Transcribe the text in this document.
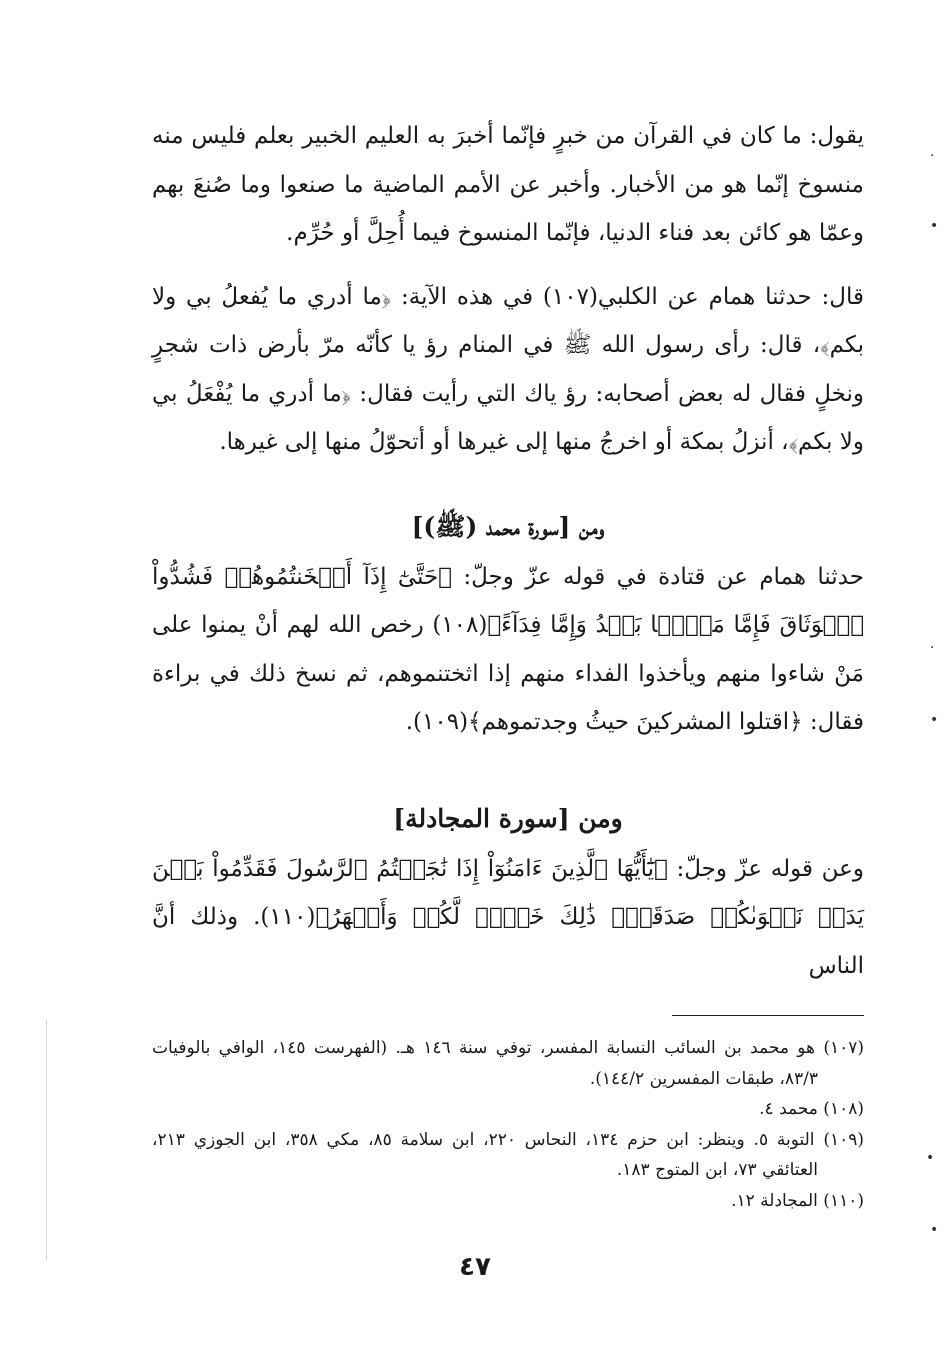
يقول: ما كان في القرآن من خبرٍ فإنّما أخبرَ به العليم الخبير بعلم فليس منه منسوخ إنّما هو من الأخبار. وأخبر عن الأمم الماضية ما صنعوا وما صُنعَ بهم وعمّا هو كائن بعد فناء الدنيا، فإنّما المنسوخ فيما أُحِلَّ أو حُرِّم.

قال: حدثنا همام عن الكلبي(١٠٧) في هذه الآية: ﴿ما أدري ما يُفعلُ بي ولا بكم﴾، قال: رأى رسول الله ﷺ في المنام رؤ يا كأنّه مرّ بأرض ذات شجرٍ ونخلٍ فقال له بعض أصحابه: رؤ ياك التي رأيت فقال: ﴿ما أدري ما يُفْعَلُ بي ولا بكم﴾، أنزلُ بمكة أو اخرجُ منها إلى غيرها أو أتحوّلُ منها إلى غيرها.

ومن [سورة محمد (ﷺ)]

حدثنا همام عن قتادة في قوله عزّ وجلّ: ﴿حَتَّىٰٓ إِذَآ أَثۡخَنتُمُوهُمۡ فَشُدُّواْ ٱلۡوَثَاقَ فَإِمَّا مَنَّۢا بَعۡدُ وَإِمَّا فِدَآءً﴾(١٠٨) رخص الله لهم أنْ يمنوا على مَنْ شاءوا منهم ويأخذوا الفداء منهم إذا اثختنموهم، ثم نسخ ذلك في براءة فقال: ﴿اقتلوا المشركينَ حيثُ وجدتموهم﴾(١٠٩).

ومن [سورة المجادلة]

وعن قوله عزّ وجلّ: ﴿يَٰٓأَيُّهَا ٱلَّذِينَ ءَامَنُوٓاْ إِذَا نَٰجَيۡتُمُ ٱلرَّسُولَ فَقَدِّمُواْ بَيۡنَ يَدَيۡ نَجۡوَىٰكُمۡ صَدَقَةٗۚ ذَٰلِكَ خَيۡرٞ لَّكُمۡ وَأَطۡهَرُ﴾(١١٠). وذلك أنَّ الناس

(١٠٧) هو محمد بن السائب النسابة المفسر، توفي سنة ١٤٦ هـ. (الفهرست ١٤٥، الوافي بالوفيات ٨٣/٣، طبقات المفسرين ١٤٤/٢).

(١٠٨) محمد ٤.

(١٠٩) التوبة ٥. وينظر: ابن حزم ١٣٤، النحاس ٢٢٠، ابن سلامة ٨٥، مكي ٣٥٨، ابن الجوزي ٢١٣، العتائقي ٧٣، ابن المتوج ١٨٣.

(١١٠) المجادلة ١٢.

٤٧
·
•
·
•
•
•
